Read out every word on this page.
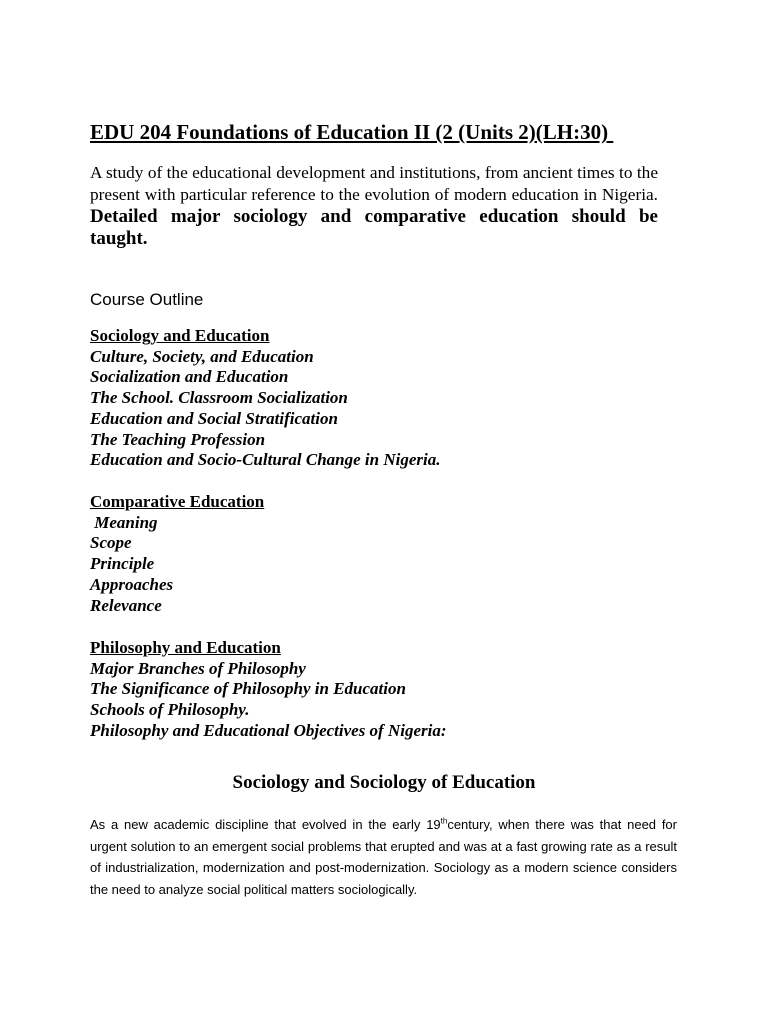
EDU 204 Foundations of Education II (2 (Units 2)(LH:30)
A study of the educational development and institutions, from ancient times to the present with particular reference to the evolution of modern education in Nigeria. Detailed major sociology and comparative education should be taught.
Course Outline
Sociology and Education
Culture, Society, and Education
Socialization and Education
The School. Classroom Socialization
Education and Social Stratification
The Teaching Profession
Education and Socio-Cultural Change in Nigeria.
Comparative Education
Meaning
Scope
Principle
Approaches
Relevance
Philosophy and Education
Major Branches of Philosophy
The Significance of Philosophy in Education
Schools of Philosophy.
Philosophy and Educational Objectives of Nigeria:
Sociology and Sociology of Education
As a new academic discipline that evolved in the early 19thcentury, when there was that need for urgent solution to an emergent social problems that erupted and was at a fast growing rate as a result of industrialization, modernization and post-modernization. Sociology as a modern science considers the need to analyze social political matters sociologically.
